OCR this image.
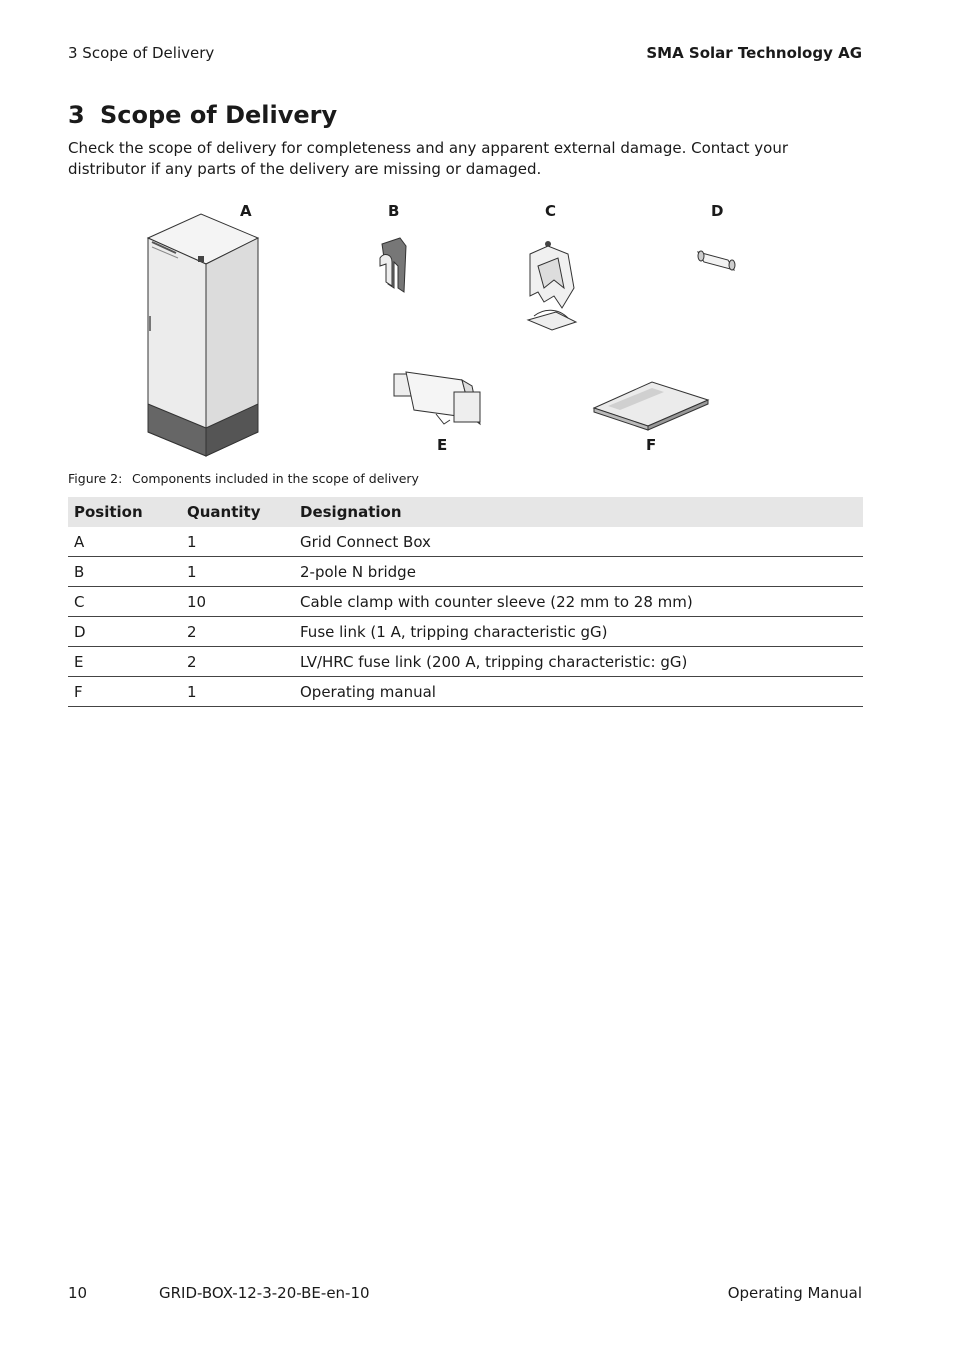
3 Scope of Delivery	SMA Solar Technology AG
3 Scope of Delivery

Check the scope of delivery for completeness and any apparent external damage. Contact your distributor if any parts of the delivery are missing or damaged.

A	B	C	D
E	F
Figure 2: Components included in the scope of delivery
Position	Quantity	Designation
A	1	Grid Connect Box
B	1	2-pole N bridge
C	10	Cable clamp with counter sleeve (22 mm to 28 mm)
D	2	Fuse link (1 A, tripping characteristic gG)
E	2	LV/HRC fuse link (200 A, tripping characteristic: gG)
F	1	Operating manual
10	GRID-BOX-12-3-20-BE-en-10	Operating Manual
